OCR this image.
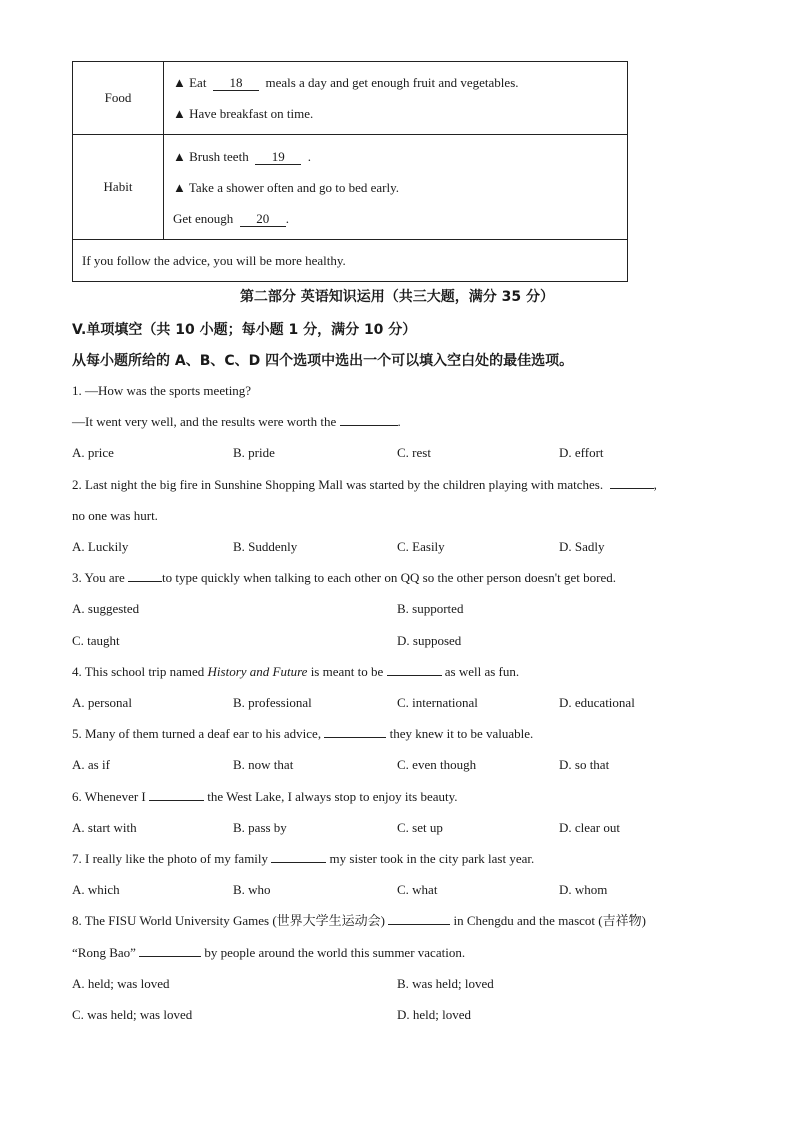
Food	▲ Eat 18 meals a day and get enough fruit and vegetables.
▲ Have breakfast on time.

Habit	▲ Brush teeth 19 .
▲ Take a shower often and go to bed early.
Get enough 20 .

If you follow the advice, you will be more healthy.	
第二部分 英语知识运用（共三大题，满分 35 分）
V.单项填空（共 10 小题；每小题 1 分，满分 10 分）
从每小题所给的 A、B、C、D 四个选项中选出一个可以填入空白处的最佳选项。
1. —How was the sports meeting?
—It went very well, and the results were worth the	.
A. price	B. pride	C. rest	D. effort
2. Last night the big fire in Sunshine Shopping Mall was started by the children playing with matches.	,
no one was hurt.
A. Luckily	B. Suddenly	C. Easily	D. Sadly
3. You are	to type quickly when talking to each other on QQ so the other person doesn't get bored.
A. suggested	B. supported
C. taught	D. supposed
4. This school trip named History and Future is meant to be	as well as fun.
A. personal	B. professional	C. international	D. educational
5. Many of them turned a deaf ear to his advice,	they knew it to be valuable.
A. as if	B. now that	C. even though	D. so that
6. Whenever I	the West Lake, I always stop to enjoy its beauty.
A. start with	B. pass by	C. set up	D. clear out
7. I really like the photo of my family	my sister took in the city park last year.
A. which	B. who	C. what	D. whom
8. The FISU World University Games (世界大学生运动会)	in Chengdu and the mascot (吉祥物)
“Rong Bao”	by people around the world this summer vacation.
A. held; was loved	B. was held; loved
C. was held; was loved	D. held; loved
